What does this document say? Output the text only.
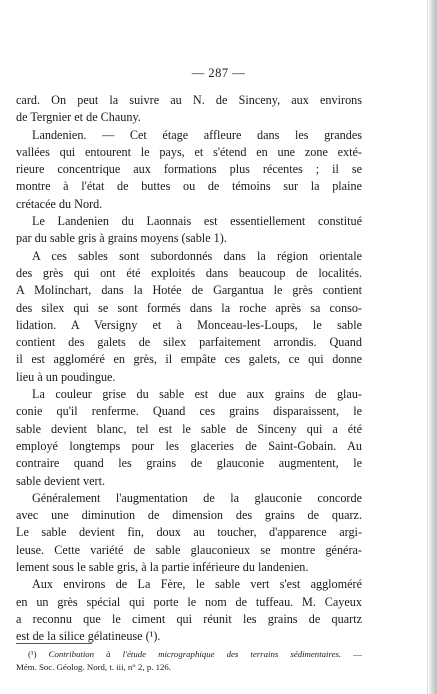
— 287 —
card. On peut la suivre au N. de Sinceny, aux environs
de Tergnier et de Chauny.
Landenien. — Cet étage affleure dans les grandes
vallées qui entourent le pays, et s'étend en une zone exté-
rieure concentrique aux formations plus récentes ; il se
montre à l'état de buttes ou de témoins sur la plaine
crétacée du Nord.
Le Landenien du Laonnais est essentiellement constitué
par du sable gris à grains moyens (sable 1).
A ces sables sont subordonnés dans la région orientale
des grès qui ont été exploités dans beaucoup de localités.
A Molinchart, dans la Hotée de Gargantua le grès contient
des silex qui se sont formés dans la roche après sa conso-
lidation. A Versigny et à Monceau-les-Loups, le sable
contient des galets de silex parfaitement arrondis. Quand
il est aggloméré en grès, il empâte ces galets, ce qui donne
lieu à un poudingue.
La couleur grise du sable est due aux grains de glau-
conie qu'il renferme. Quand ces grains disparaissent, le
sable devient blanc, tel est le sable de Sinceny qui a été
employé longtemps pour les glaceries de Saint-Gobain. Au
contraire quand les grains de glauconie augmentent, le
sable devient vert.
Généralement l'augmentation de la glauconie concorde
avec une diminution de dimension des grains de quarz.
Le sable devient fin, doux au toucher, d'apparence argi-
leuse. Cette variété de sable glauconieux se montre généra-
lement sous le sable gris, à la partie inférieure du landenien.
Aux environs de La Fère, le sable vert s'est aggloméré
en un grès spécial qui porte le nom de tuffeau. M. Cayeux
a reconnu que le ciment qui réunit les grains de quartz
est de la silice gélatineuse (¹).
(¹) Contribution à l'étude micrographique des terrains sédimentaires. —
Mém. Soc. Géolog. Nord, t. iii, n° 2, p. 126.
